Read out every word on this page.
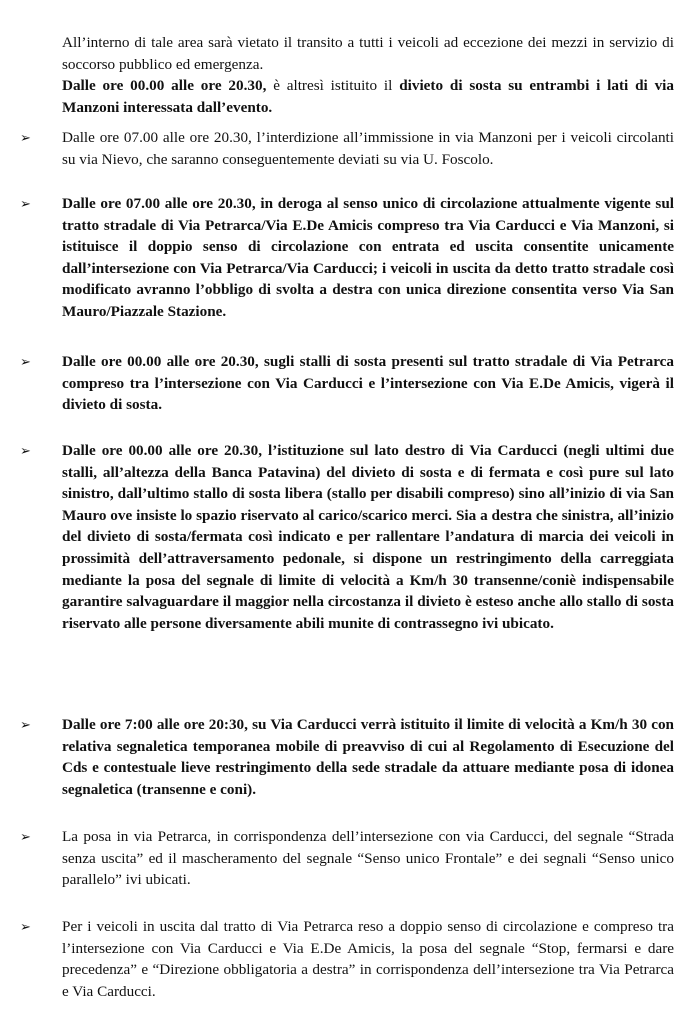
All’interno di tale area sarà vietato il transito a tutti i veicoli ad eccezione dei mezzi in servizio di soccorso pubblico ed emergenza.

Dalle ore 00.00 alle ore 20.30, è altresì istituito il divieto di sosta su entrambi i lati di via Manzoni interessata dall’evento.

➢	Dalle ore 07.00 alle ore 20.30, l’interdizione all’immissione in via Manzoni per i veicoli circolanti su via Nievo, che saranno conseguentemente deviati su via U. Foscolo.

➢	Dalle ore 07.00 alle ore 20.30, in deroga al senso unico di circolazione attualmente vigente sul tratto stradale di Via Petrarca/Via E.De Amicis compreso tra Via Carducci e Via Manzoni, si istituisce il doppio senso di circolazione con entrata ed uscita consentite unicamente dall’intersezione con Via Petrarca/Via Carducci; i veicoli in uscita da detto tratto stradale così modificato avranno l’obbligo di svolta a destra con unica direzione consentita verso Via San Mauro/Piazzale Stazione.

➢	Dalle ore 00.00 alle ore 20.30, sugli stalli di sosta presenti sul tratto stradale di Via Petrarca compreso tra l’intersezione con Via Carducci e l’intersezione con Via E.De Amicis, vigerà il divieto di sosta.

➢	Dalle ore 00.00 alle ore 20.30, l’istituzione sul lato destro di Via Carducci (negli ultimi due stalli, all’altezza della Banca Patavina) del divieto di sosta e di fermata e così pure sul lato sinistro, dall’ultimo stallo di sosta libera (stallo per disabili compreso) sino all’inizio di via San Mauro ove insiste lo spazio riservato al carico/scarico merci. Sia a destra che sinistra, all’inizio del divieto di sosta/fermata così indicato e per rallentare l’andatura di marcia dei veicoli in prossimità dell’attraversamento pedonale, si dispone un restringimento della carreggiata mediante la posa del segnale di limite di velocità a Km/h 30 transenne/coniè indispensabile garantire salvaguardare il maggior nella circostanza il divieto è esteso anche allo stallo di sosta riservato alle persone diversamente abili munite di contrassegno ivi ubicato.

➢	Dalle ore 7:00 alle ore 20:30, su Via Carducci verrà istituito il limite di velocità a Km/h 30 con relativa segnaletica temporanea mobile di preavviso di cui al Regolamento di Esecuzione del Cds e contestuale lieve restringimento della sede stradale da attuare mediante posa di idonea segnaletica (transenne e coni).

➢	La posa in via Petrarca, in corrispondenza dell’intersezione con via Carducci, del segnale “Strada senza uscita” ed il mascheramento del segnale “Senso unico Frontale” e dei segnali “Senso unico parallelo” ivi ubicati.

➢	Per i veicoli in uscita dal tratto di Via Petrarca reso a doppio senso di circolazione e compreso tra l’intersezione con Via Carducci e Via E.De Amicis, la posa del segnale “Stop, fermarsi e dare precedenza” e “Direzione obbligatoria a destra” in corrispondenza dell’intersezione tra Via Petrarca e Via Carducci.
